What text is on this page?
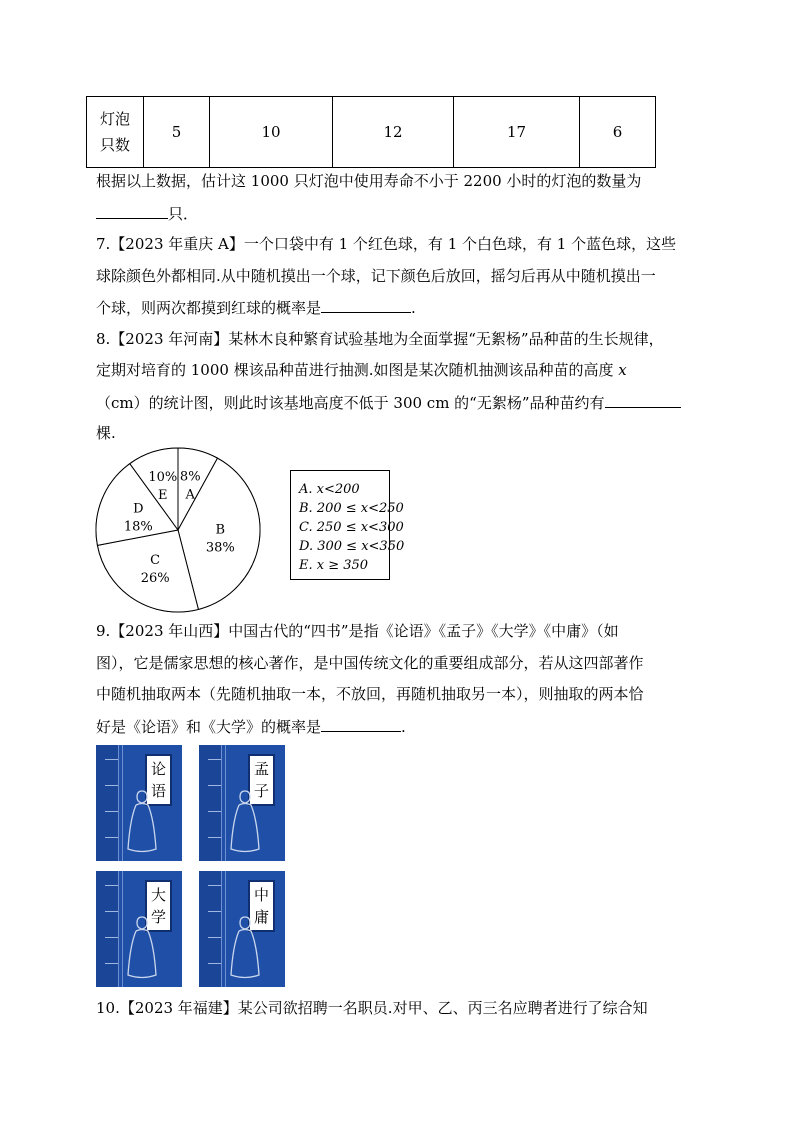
灯泡
只数	5	10	12	17	6
根据以上数据，估计这 1000 只灯泡中使用寿命不小于 2200 小时的灯泡的数量为
只．
7.【2023 年重庆 A】一个口袋中有 1 个红色球，有 1 个白色球，有 1 个蓝色球，这些
球除颜色外都相同.从中随机摸出一个球，记下颜色后放回，摇匀后再从中随机摸出一
个球，则两次都摸到红球的概率是	.
8.【2023 年河南】某林木良种繁育试验基地为全面掌握“无絮杨”品种苗的生长规律，
定期对培育的 1000 棵该品种苗进行抽测.如图是某次随机抽测该品种苗的高度 x
（cm）的统计图，则此时该基地高度不低于 300 cm 的“无絮杨”品种苗约有
棵.
8%
A
B
38%
C
26%
D
18%
10%
E	A. x<200
B. 200 ≤ x<250
C. 250 ≤ x<300
D. 300 ≤ x<350
E. x ≥ 350
9.【2023 年山西】中国古代的“四书”是指《论语》《孟子》《大学》《中庸》（如
图），它是儒家思想的核心著作，是中国传统文化的重要组成部分，若从这四部著作
中随机抽取两本（先随机抽取一本，不放回，再随机抽取另一本），则抽取的两本恰
好是《论语》和《大学》的概率是	.
论
语
孟
子
大
学
中
庸
10.【2023 年福建】某公司欲招聘一名职员.对甲、乙、丙三名应聘者进行了综合知
